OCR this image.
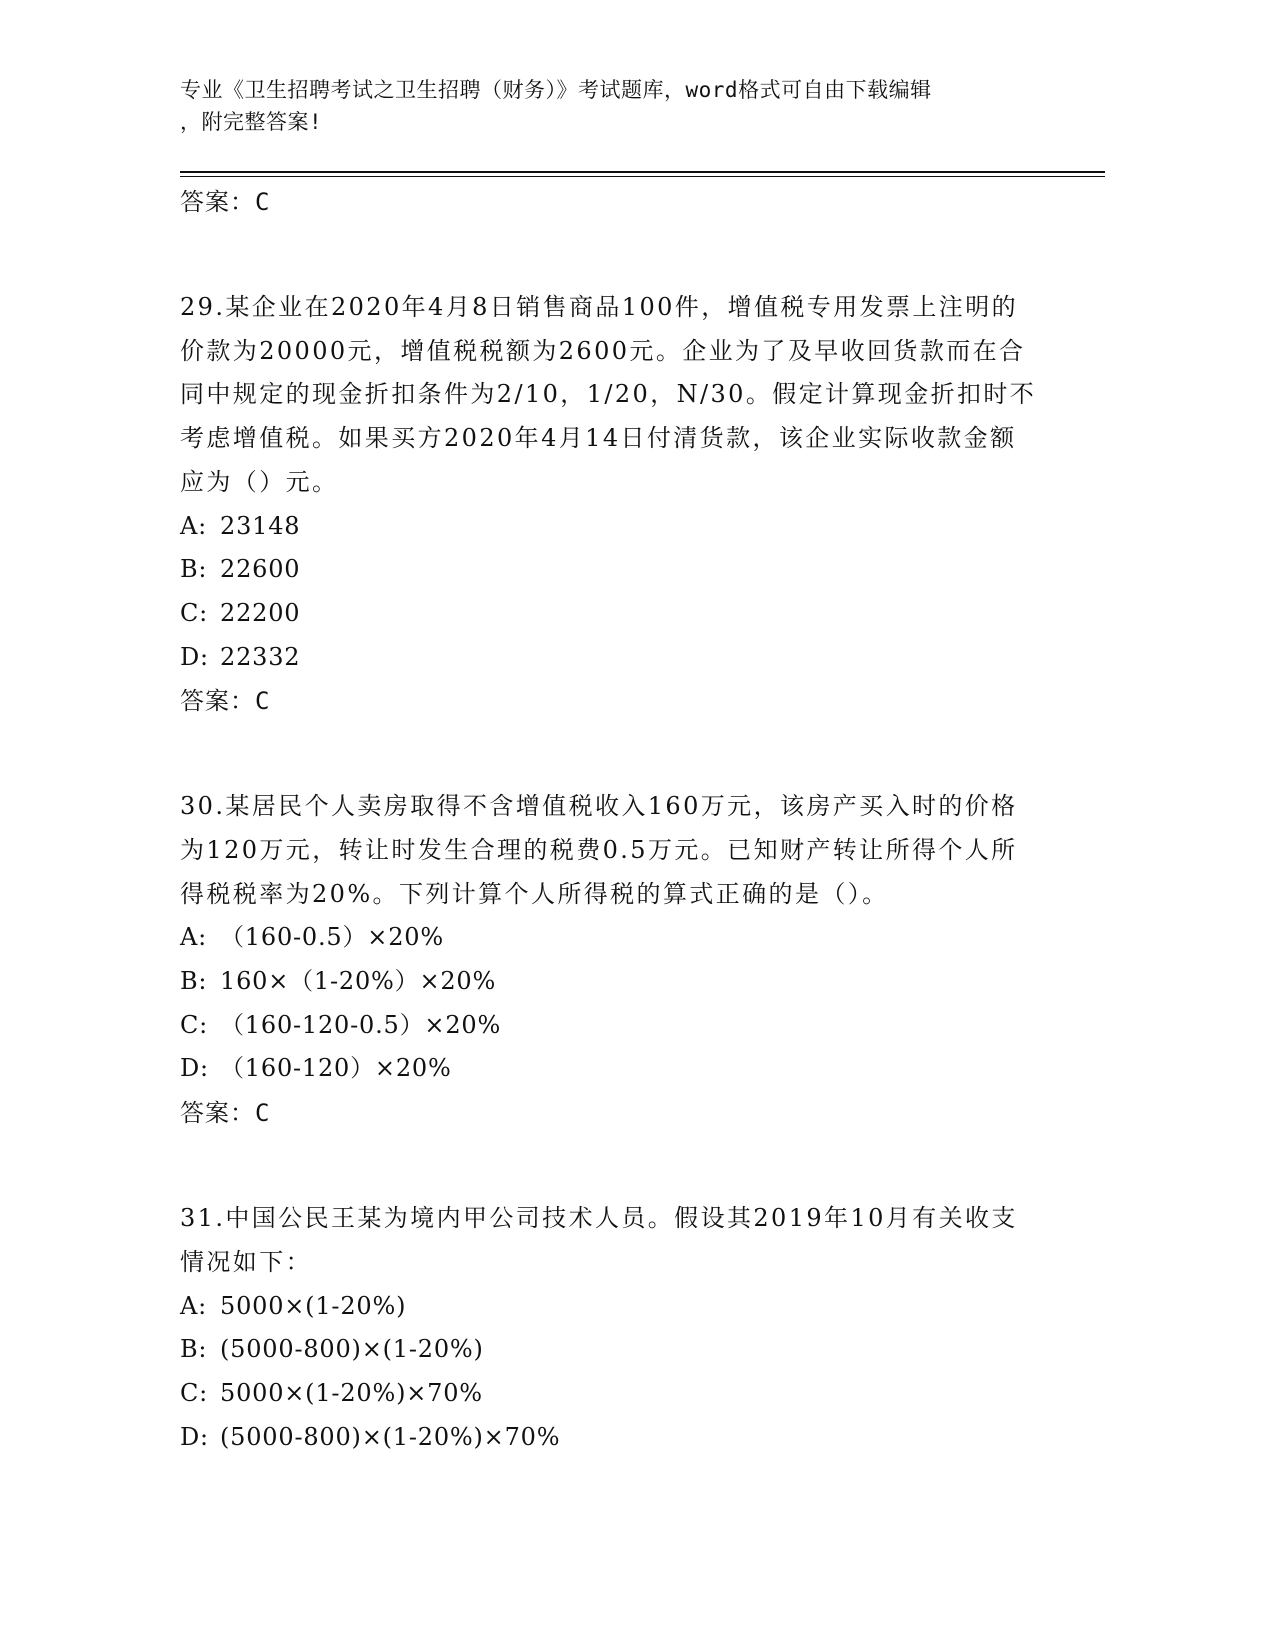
专业《卫生招聘考试之卫生招聘（财务）》考试题库，word格式可自由下载编辑
，附完整答案!
答案：C

29.某企业在2020年4月8日销售商品100件，增值税专用发票上注明的价款为20000元，增值税税额为2600元。企业为了及早收回货款而在合同中规定的现金折扣条件为2/10，1/20，N/30。假定计算现金折扣时不考虑增值税。如果买方2020年4月14日付清货款，该企业实际收款金额应为（）元。

A: 23148
B: 22600
C: 22200
D: 22332
答案：C

30.某居民个人卖房取得不含增值税收入160万元，该房产买入时的价格为120万元，转让时发生合理的税费0.5万元。已知财产转让所得个人所得税税率为20%。下列计算个人所得税的算式正确的是（）。

A: （160-0.5）×20%
B: 160×（1-20%）×20%
C: （160-120-0.5）×20%
D: （160-120）×20%
答案：C

31.中国公民王某为境内甲公司技术人员。假设其2019年10月有关收支情况如下：

A: 5000×(1-20%)
B: (5000-800)×(1-20%)
C: 5000×(1-20%)×70%
D: (5000-800)×(1-20%)×70%
